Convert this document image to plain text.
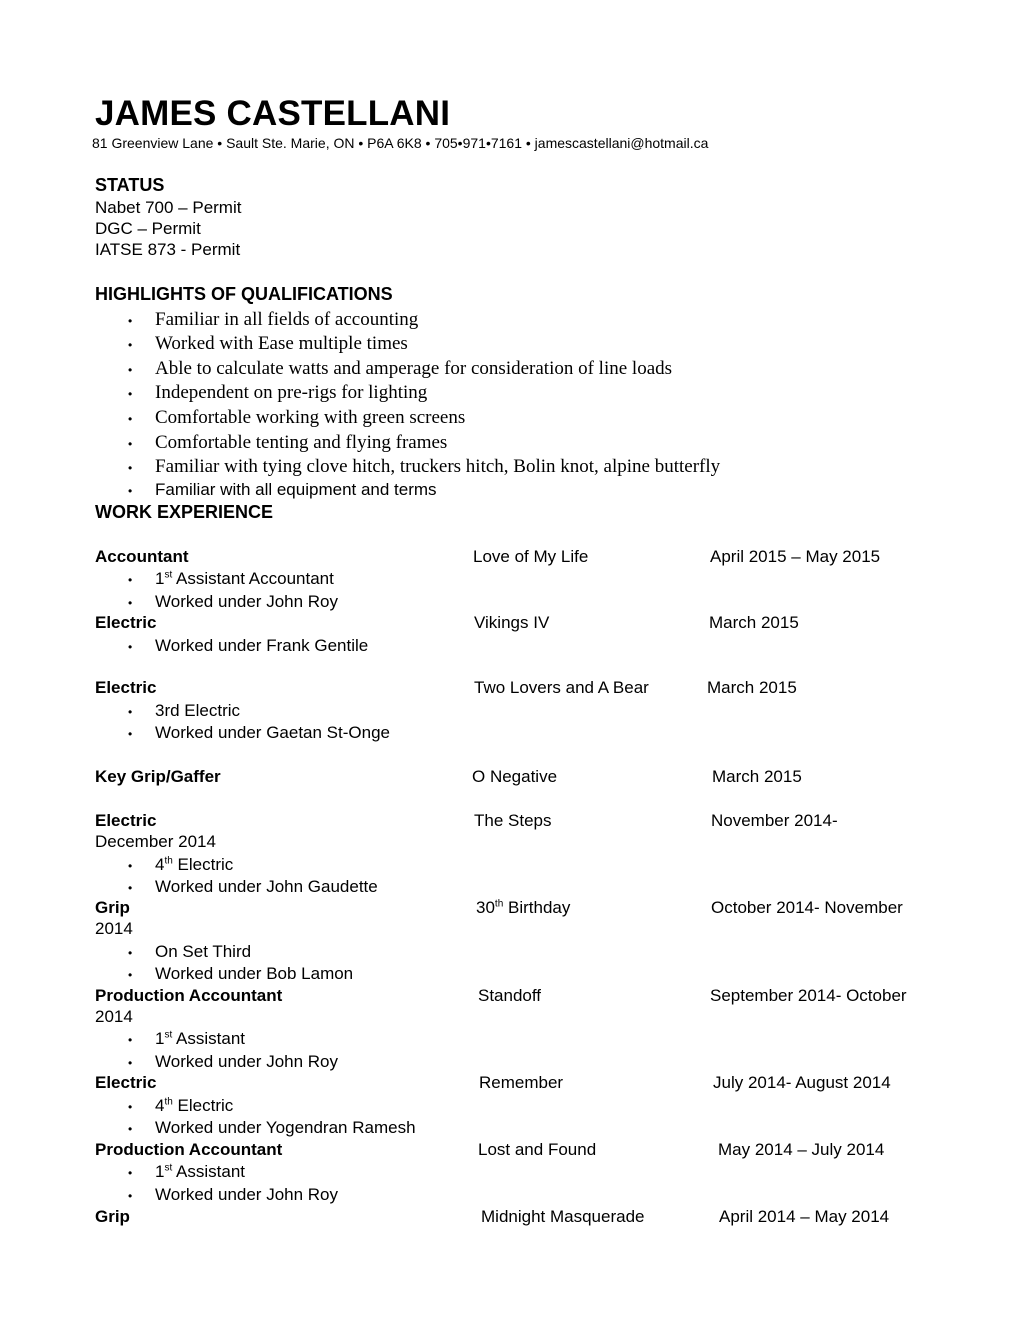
JAMES CASTELLANI
81 Greenview Lane • Sault Ste. Marie, ON • P6A 6K8 • 705•971•7161 • jamescastellani@hotmail.ca
STATUS
Nabet 700 – Permit
DGC – Permit
IATSE 873 - Permit
HIGHLIGHTS OF QUALIFICATIONS
• Familiar in all fields of accounting
• Worked with Ease multiple times
• Able to calculate watts and amperage for consideration of line loads
• Independent on pre-rigs for lighting
• Comfortable working with green screens
• Comfortable tenting and flying frames
• Familiar with tying clove hitch, truckers hitch, Bolin knot, alpine butterfly
• Familiar with all equipment and terms
WORK EXPERIENCE
Accountant	Love of My Life	April 2015 – May 2015
• 1st Assistant Accountant
• Worked under John Roy
Electric	Vikings IV	March 2015
• Worked under Frank Gentile
Electric	Two Lovers and A Bear	March 2015
• 3rd Electric
• Worked under Gaetan St-Onge
Key Grip/Gaffer	O Negative	March 2015
Electric	The Steps	November 2014-
December 2014
• 4th Electric
• Worked under John Gaudette
Grip	30th Birthday	October 2014- November
2014
• On Set Third
• Worked under Bob Lamon
Production Accountant	Standoff	September 2014- October
2014
• 1st Assistant
• Worked under John Roy
Electric	Remember	July 2014- August 2014
• 4th Electric
• Worked under Yogendran Ramesh
Production Accountant	Lost and Found	May 2014 – July 2014
• 1st Assistant
• Worked under John Roy
Grip	Midnight Masquerade	April 2014 – May 2014
